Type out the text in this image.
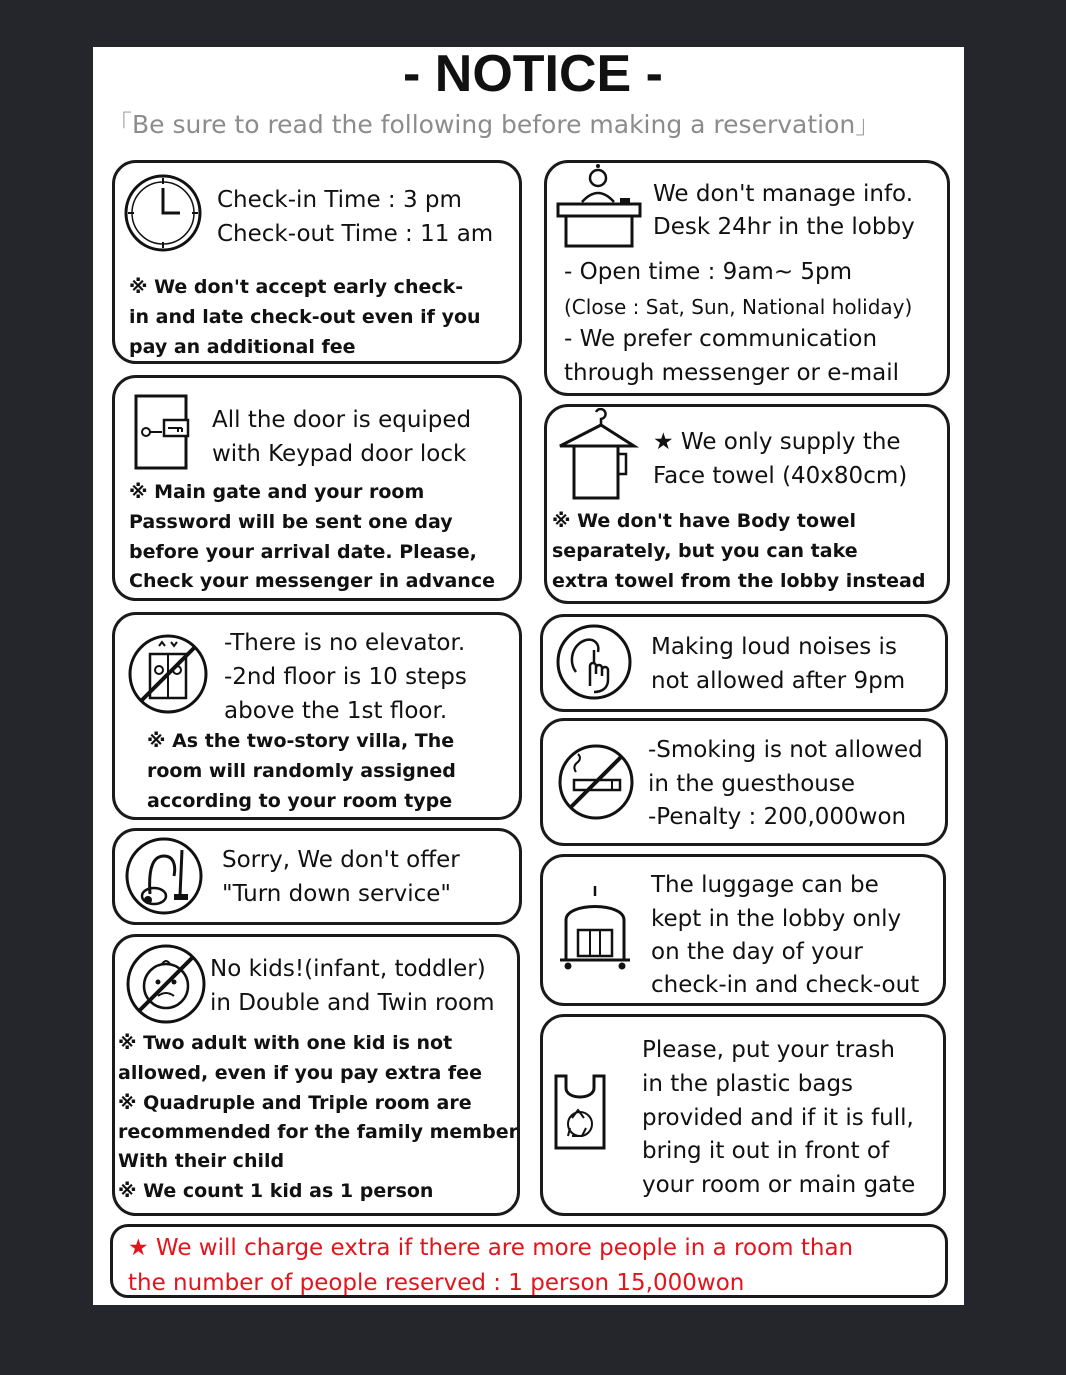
- NOTICE -
「Be sure to read the following before making a reservation」
Check-in Time : 3 pm
Check-out Time : 11 am
※ We don't accept early check-
in and late check-out even if you
pay an additional fee
All the door is equiped
with Keypad door lock
※ Main gate and your room
Password will be sent one day
before your arrival date. Please,
Check your messenger in advance
-There is no elevator.
-2nd floor is 10 steps
above the 1st floor.
※ As the two-story villa, The
room will randomly assigned
according to your room type
Sorry, We don't offer
"Turn down service"
No kids!(infant, toddler)
in Double and Twin room
※ Two adult with one kid is not
allowed, even if you pay extra fee
※ Quadruple and Triple room are
recommended for the family member
With their child
※ We count 1 kid as 1 person
We don't manage info.
Desk 24hr in the lobby
- Open time : 9am~ 5pm
(Close : Sat, Sun, National holiday)
- We prefer communication
through messenger or e-mail
★ We only supply the
Face towel (40x80cm)
※ We don't have Body towel
separately, but you can take
extra towel from the lobby instead
Making loud noises is
not allowed after 9pm
-Smoking is not allowed
in the guesthouse
-Penalty : 200,000won
The luggage can be
kept in the lobby only
on the day of your
check-in and check-out
Please, put your trash
in the plastic bags
provided and if it is full,
bring it out in front of
your room or main gate
★ We will charge extra if there are more people in a room than
the number of people reserved : 1 person 15,000won
